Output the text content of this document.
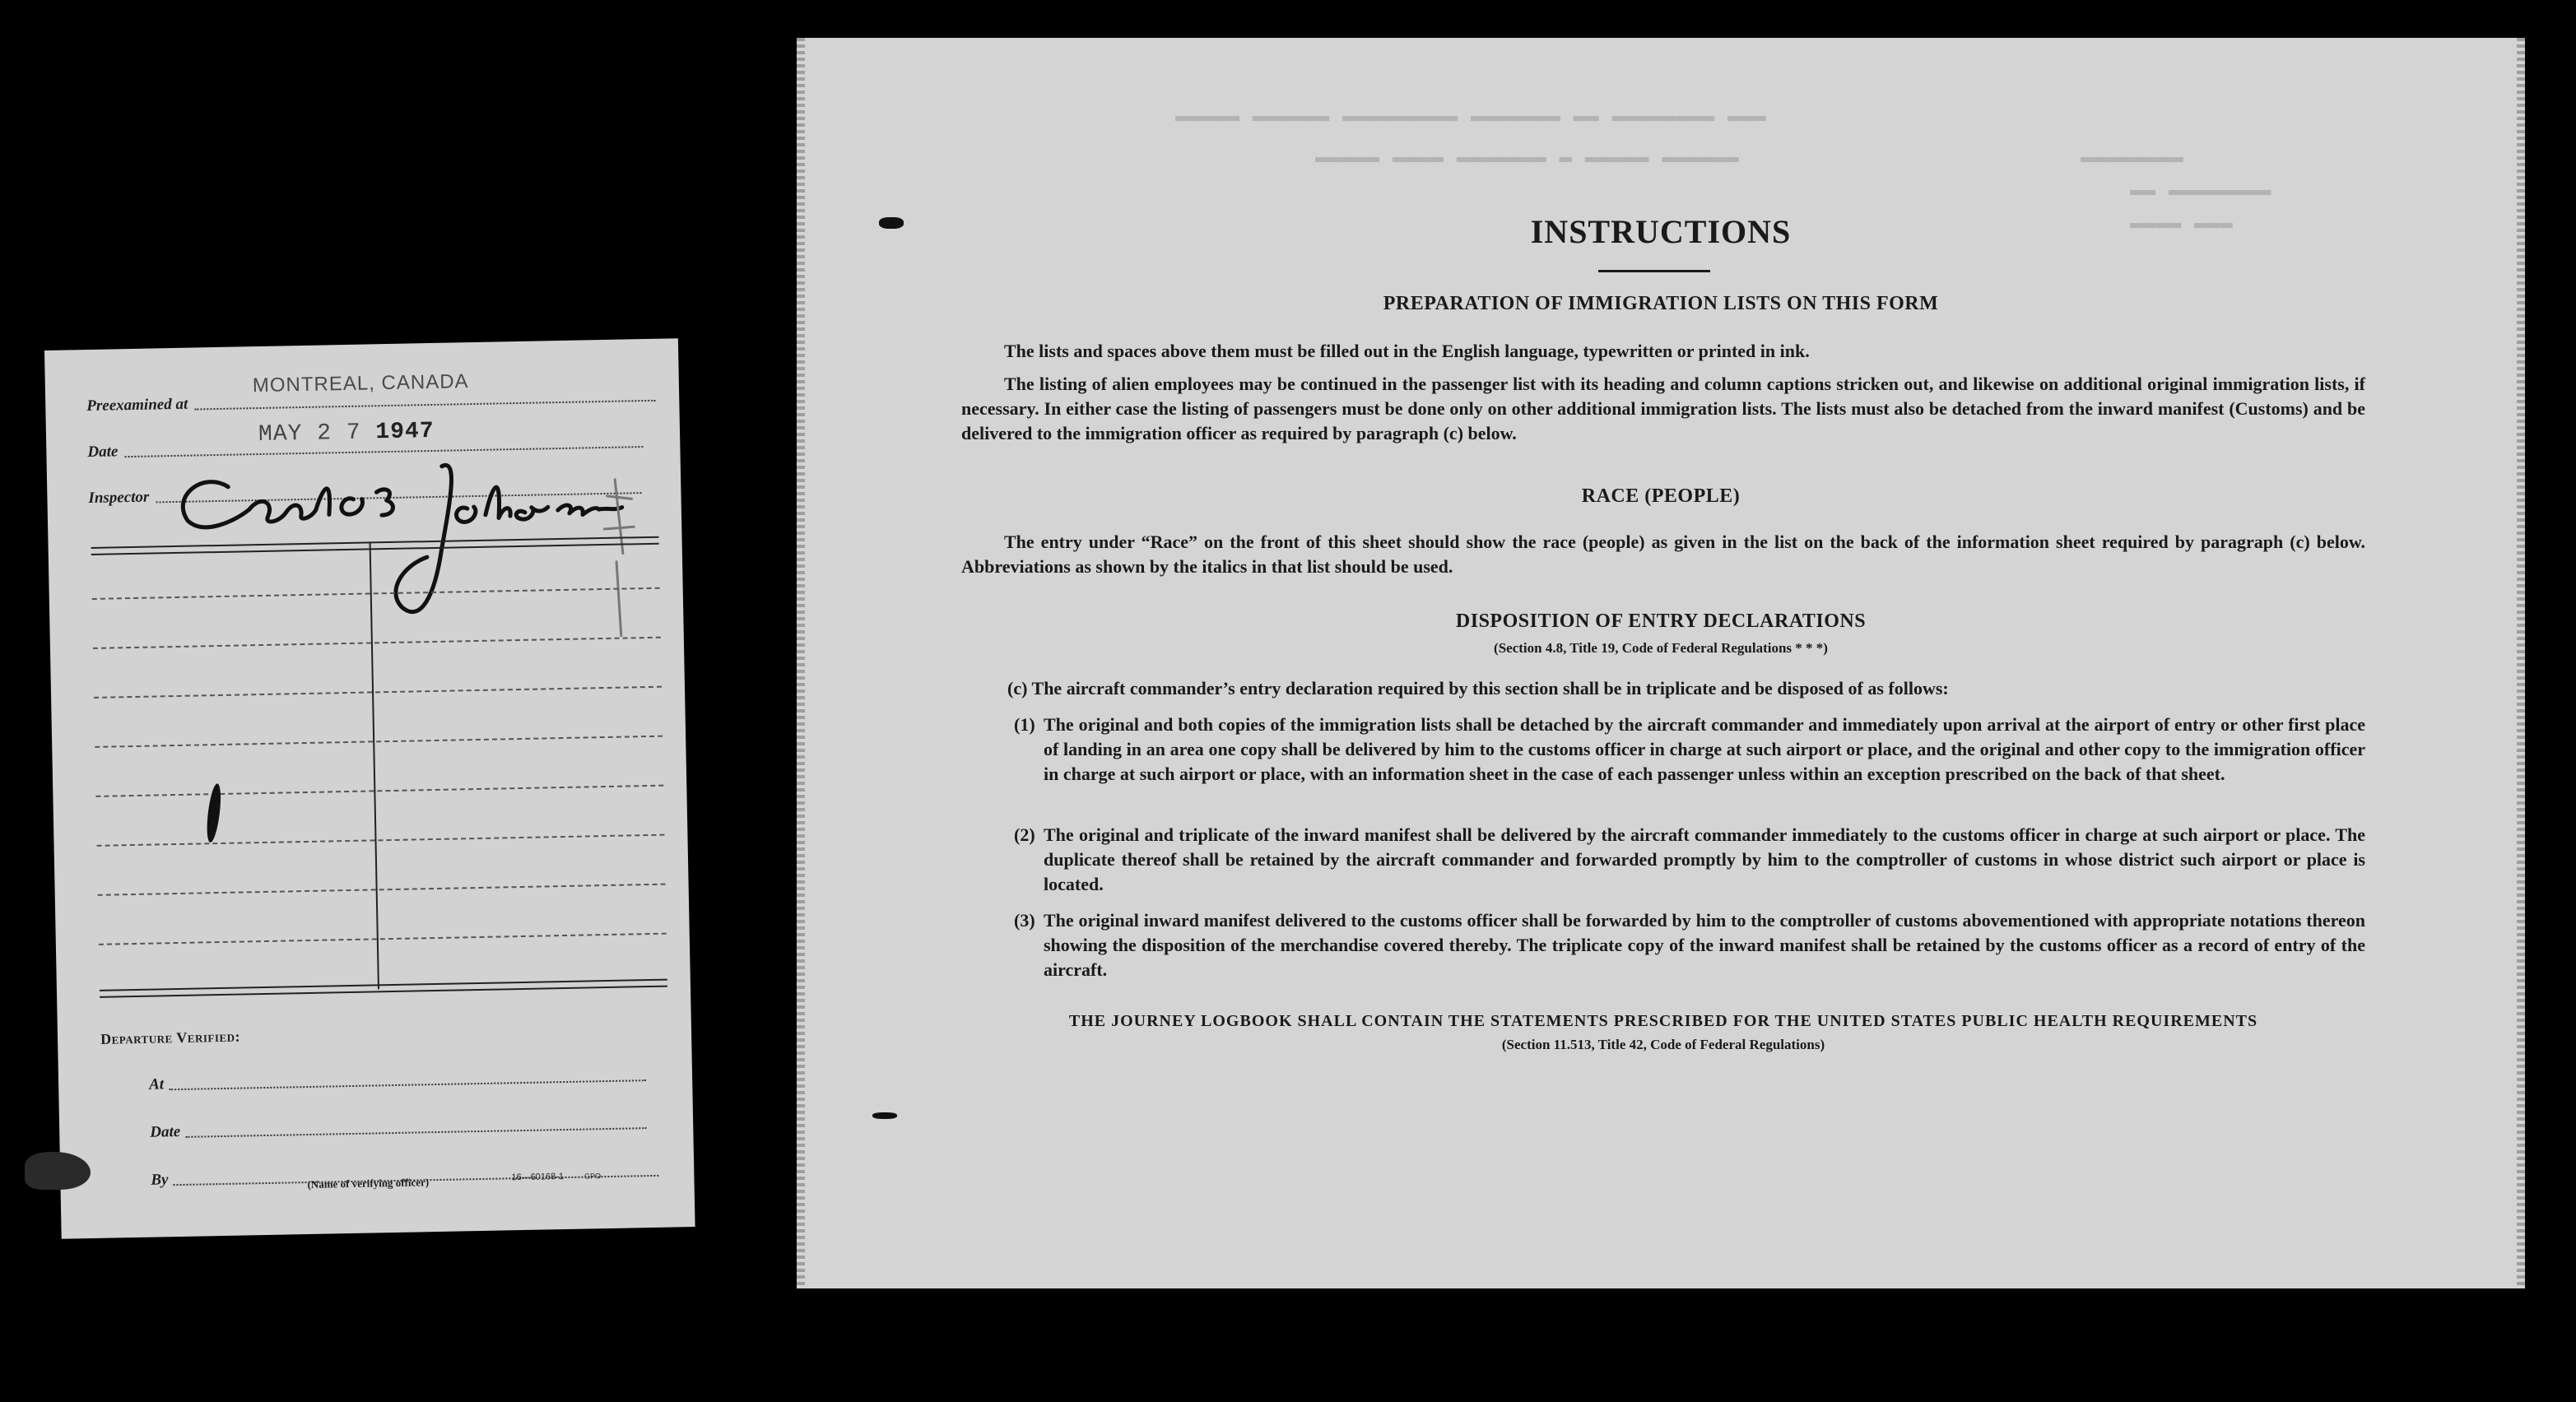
Preexamined at
MONTREAL, CANADA
Date
MAY 2 7 1947
Inspector
Departure Verified:
At
Date
By	(Name of verifying officer)	16—60168-1	GPO
▬▬▬ ▬▬▬▬▬▬▬▬ ▬▬ ▬▬▬▬▬▬▬ ▬▬▬▬▬▬▬▬▬ ▬▬▬▬▬▬ ▬▬▬▬▬
▬▬▬▬▬▬ ▬▬▬▬▬ ▬ ▬▬▬▬▬▬▬ ▬▬▬▬ ▬▬▬▬▬	▬▬▬▬▬▬▬▬
▬▬▬▬▬▬▬▬ ▬▬
▬▬▬ ▬▬▬▬
INSTRUCTIONS
PREPARATION OF IMMIGRATION LISTS ON THIS FORM
The lists and spaces above them must be filled out in the English language, typewritten or printed in ink.
The listing of alien employees may be continued in the passenger list with its heading and column captions stricken out, and likewise on additional original immigration lists, if necessary. In either case the listing of passengers must be done only on other additional immigration lists. The lists must also be detached from the inward manifest (Customs) and be delivered to the immigration officer as required by paragraph (c) below.
RACE (PEOPLE)
The entry under “Race” on the front of this sheet should show the race (people) as given in the list on the back of the information sheet required by paragraph (c) below. Abbreviations as shown by the italics in that list should be used.
DISPOSITION OF ENTRY DECLARATIONS
(Section 4.8, Title 19, Code of Federal Regulations * * *)
(c) The aircraft commander’s entry declaration required by this section shall be in triplicate and be disposed of as follows:
(1) The original and both copies of the immigration lists shall be detached by the aircraft commander and immediately upon arrival at the airport of entry or other first place of landing in an area one copy shall be delivered by him to the customs officer in charge at such airport or place, and the original and other copy to the immigration officer in charge at such airport or place, with an information sheet in the case of each passenger unless within an exception prescribed on the back of that sheet.
(2) The original and triplicate of the inward manifest shall be delivered by the aircraft commander immediately to the customs officer in charge at such airport or place. The duplicate thereof shall be retained by the aircraft commander and forwarded promptly by him to the comptroller of customs in whose district such airport or place is located.
(3) The original inward manifest delivered to the customs officer shall be forwarded by him to the comptroller of customs abovementioned with appropriate notations thereon showing the disposition of the merchandise covered thereby. The triplicate copy of the inward manifest shall be retained by the customs officer as a record of entry of the aircraft.
THE JOURNEY LOGBOOK SHALL CONTAIN THE STATEMENTS PRESCRIBED FOR THE UNITED STATES PUBLIC HEALTH REQUIREMENTS
(Section 11.513, Title 42, Code of Federal Regulations)
